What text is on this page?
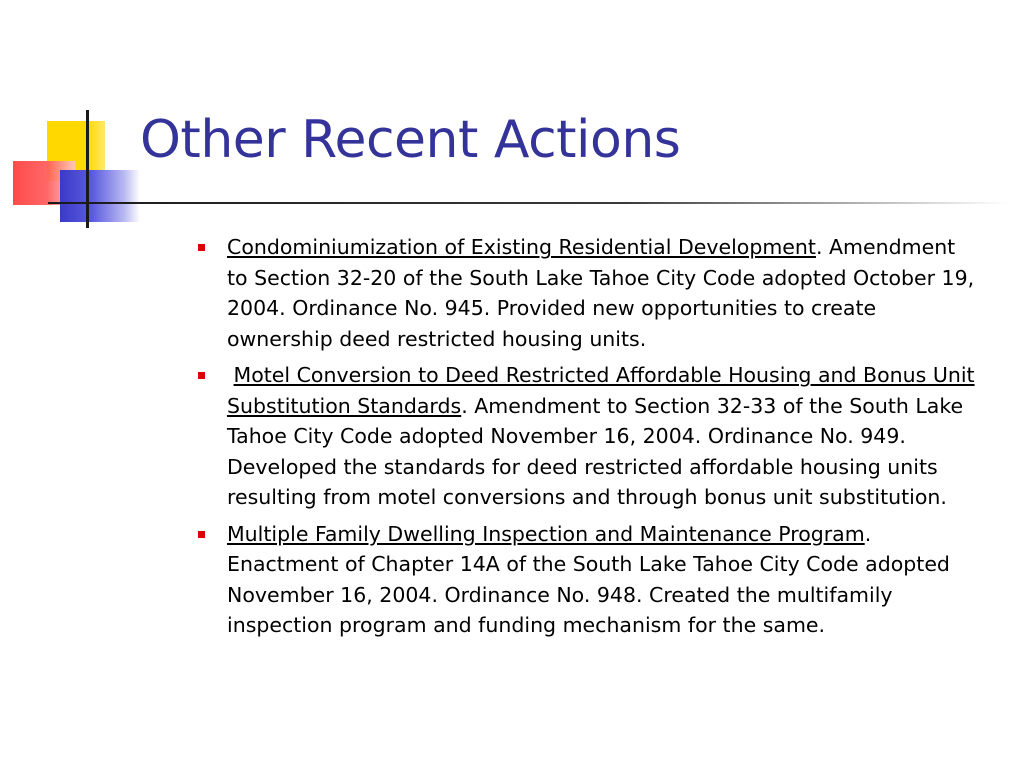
Other Recent Actions
Condominiumization of Existing Residential Development. Amendment to Section 32-20 of the South Lake Tahoe City Code adopted October 19, 2004. Ordinance No. 945. Provided new opportunities to create ownership deed restricted housing units.
Motel Conversion to Deed Restricted Affordable Housing and Bonus Unit Substitution Standards. Amendment to Section 32-33 of the South Lake Tahoe City Code adopted November 16, 2004. Ordinance No. 949. Developed the standards for deed restricted affordable housing units resulting from motel conversions and through bonus unit substitution.
Multiple Family Dwelling Inspection and Maintenance Program. Enactment of Chapter 14A of the South Lake Tahoe City Code adopted November 16, 2004. Ordinance No. 948. Created the multifamily inspection program and funding mechanism for the same.
